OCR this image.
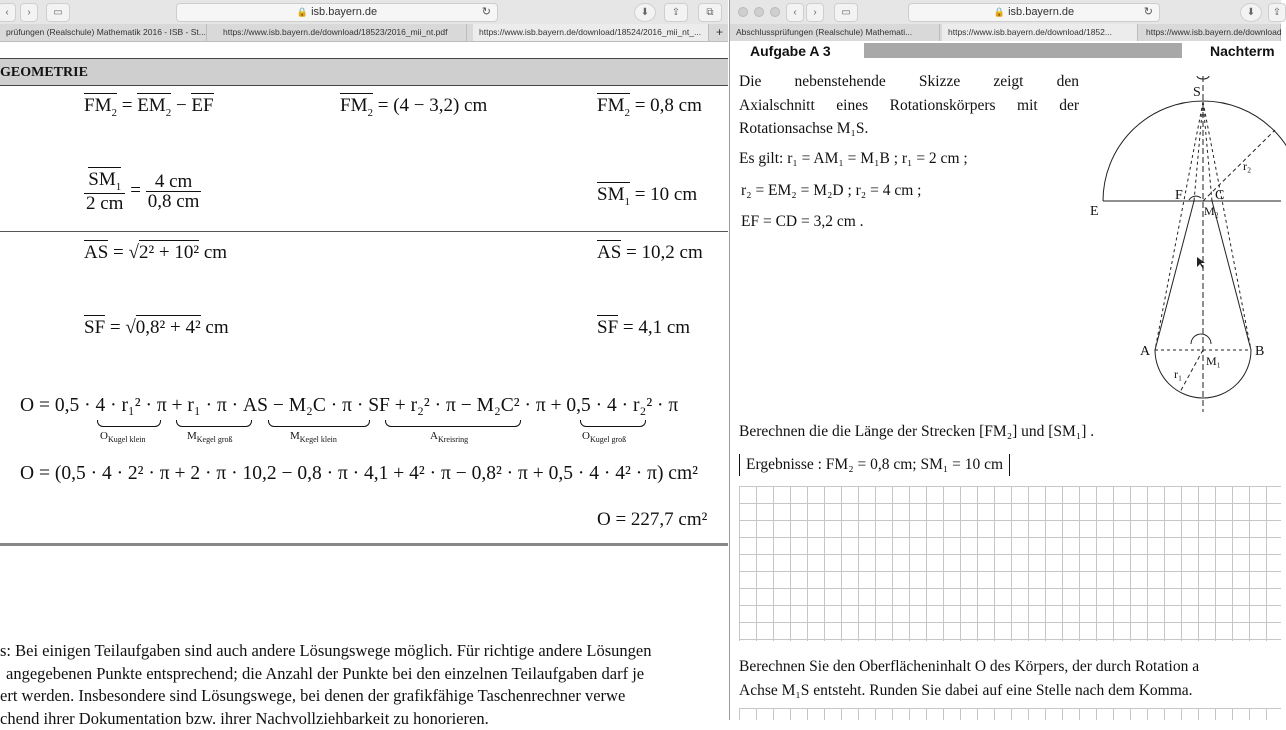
‹	›	▭	🔒 isb.bayern.de	↻	⬇	⇪	⧉
prüfungen (Realschule) Mathematik 2016 - ISB - St...	https://www.isb.bayern.de/download/18523/2016_mii_nt.pdf	https://www.isb.bayern.de/download/18524/2016_mii_nt_...	+
GEOMETRIE
$FM_2 = EM_2$ − EF	$FM_2 = (4 - 3,2)$ cm	$FM_2 = 0,8$ cm
$\frac{SM_1}{2 cm} = \frac{4 cm}{0,8 cm}$	$SM_1 = 10$ cm
AS = √2² + 10² cm	AS = 10,2 cm
SF = √0,8² + 4² cm	SF = 4,1 cm
O = 0,5 · 4 · r₁² · π + r₁ · π · AS − M₂C · π · SF + r₂² · π − M₂C² · π + 0,5 · 4 · r₂² · π
$O_{Kugel klein}$	$M_{Kegel groß}$	$M_{Kegel klein}$	$A_{Kreisring}$	$O_{Kugel groß}$
O = (0,5 · 4 · 2² · π + 2 · π · 10,2 − 0,8 · π · 4,1 + 4² · π − 0,8² · π + 0,5 · 4 · 4² · π) cm²
O = 227,7 cm²
s: Bei einigen Teilaufgaben sind auch andere Lösungswege möglich. Für richtige andere Lösungen
angegebenen Punkte entsprechend; die Anzahl der Punkte bei den einzelnen Teilaufgaben darf je
ert werden. Insbesondere sind Lösungswege, bei denen der grafikfähige Taschenrechner verwe
chend ihrer Dokumentation bzw. ihrer Nachvollziehbarkeit zu honorieren.
‹	›	▭	🔒 isb.bayern.de	↻	⬇	⇪
Abschlussprüfungen (Realschule) Mathemati...	https://www.isb.bayern.de/download/1852...	https://www.isb.bayern.de/download
Aufgabe A 3	Nachterm
Die nebenstehende Skizze zeigt den
Axialschnitt eines Rotationskörpers mit der
Rotationsachse M₁S.
Es gilt: r₁ = AM₁ = M₁B ; r₁ = 2 cm ;
r₂ = EM₂ = M₂D ; r₂ = 4 cm ;
EF = CD = 3,2 cm .
S
r₂
E
F C
M₂
A
M₁
B
r₁
Berechnen die die Länge der Strecken [FM₂] und [SM₁] .
Ergebnisse : FM₂ = 0,8 cm; SM₁ = 10 cm
Berechnen Sie den Oberflächeninhalt O des Körpers, der durch Rotation a
Achse M₁S entsteht. Runden Sie dabei auf eine Stelle nach dem Komma.
